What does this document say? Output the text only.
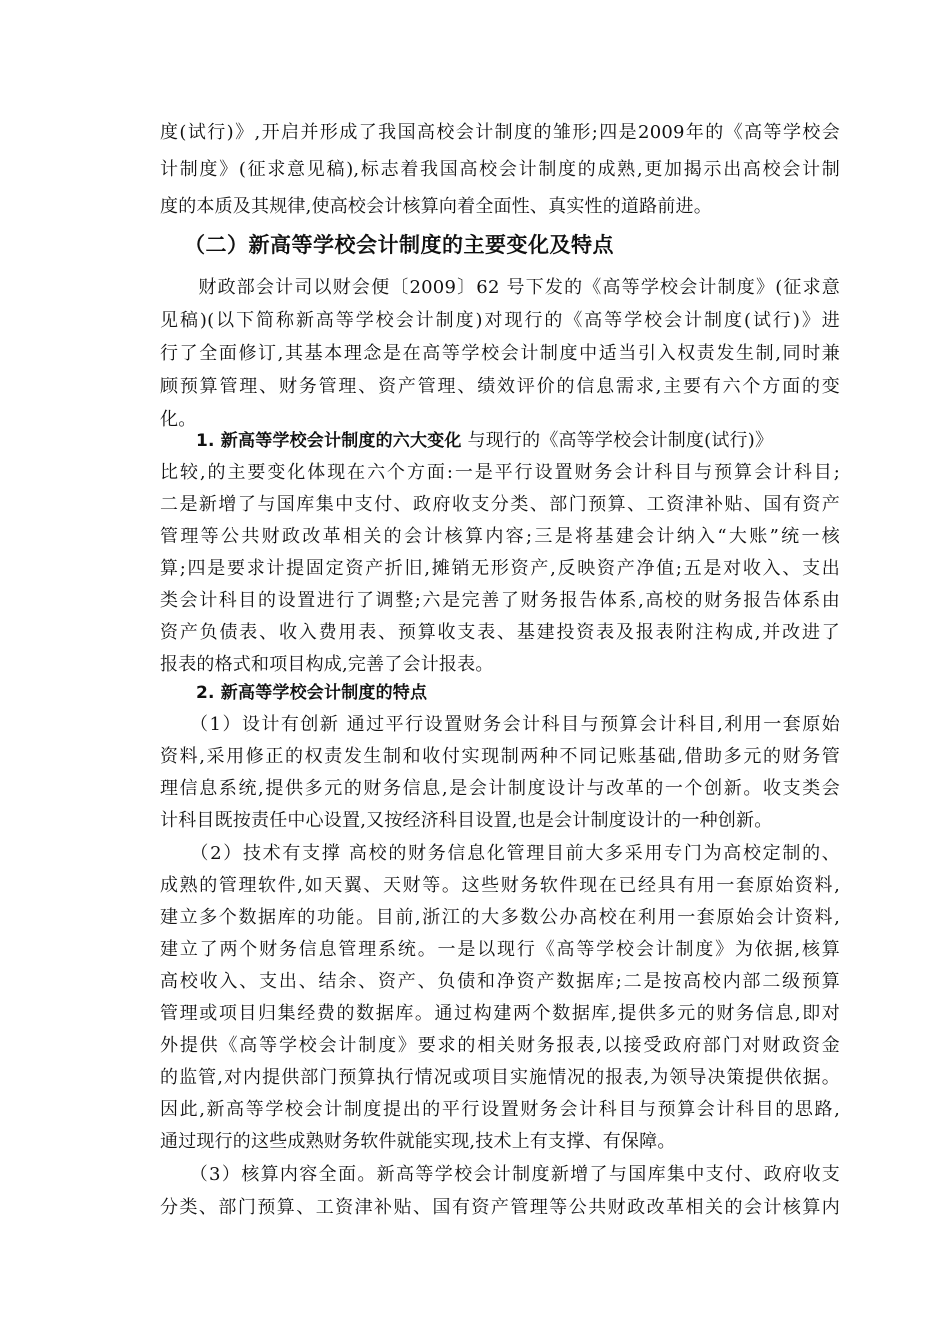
度(试行)》,开启并形成了我国高校会计制度的雏形;四是2009年的《高等学校会
计制度》(征求意见稿),标志着我国高校会计制度的成熟,更加揭示出高校会计制
度的本质及其规律,使高校会计核算向着全面性、真实性的道路前进。
（二）新高等学校会计制度的主要变化及特点
　　财政部会计司以财会便〔2009〕62 号下发的《高等学校会计制度》(征求意
见稿)(以下简称新高等学校会计制度)对现行的《高等学校会计制度(试行)》进
行了全面修订,其基本理念是在高等学校会计制度中适当引入权责发生制,同时兼
顾预算管理、财务管理、资产管理、绩效评价的信息需求,主要有六个方面的变
化。
1. 新高等学校会计制度的六大变化 与现行的《高等学校会计制度(试行)》
比较,的主要变化体现在六个方面:一是平行设置财务会计科目与预算会计科目;
二是新增了与国库集中支付、政府收支分类、部门预算、工资津补贴、国有资产
管理等公共财政改革相关的会计核算内容;三是将基建会计纳入“大账”统一核
算;四是要求计提固定资产折旧,摊销无形资产,反映资产净值;五是对收入、支出
类会计科目的设置进行了调整;六是完善了财务报告体系,高校的财务报告体系由
资产负债表、收入费用表、预算收支表、基建投资表及报表附注构成,并改进了
报表的格式和项目构成,完善了会计报表。
2. 新高等学校会计制度的特点
　　（1）设计有创新 通过平行设置财务会计科目与预算会计科目,利用一套原始
资料,采用修正的权责发生制和收付实现制两种不同记账基础,借助多元的财务管
理信息系统,提供多元的财务信息,是会计制度设计与改革的一个创新。收支类会
计科目既按责任中心设置,又按经济科目设置,也是会计制度设计的一种创新。
　　（2）技术有支撑 高校的财务信息化管理目前大多采用专门为高校定制的、
成熟的管理软件,如天翼、天财等。这些财务软件现在已经具有用一套原始资料,
建立多个数据库的功能。目前,浙江的大多数公办高校在利用一套原始会计资料,
建立了两个财务信息管理系统。一是以现行《高等学校会计制度》为依据,核算
高校收入、支出、结余、资产、负债和净资产数据库;二是按高校内部二级预算
管理或项目归集经费的数据库。通过构建两个数据库,提供多元的财务信息,即对
外提供《高等学校会计制度》要求的相关财务报表,以接受政府部门对财政资金
的监管,对内提供部门预算执行情况或项目实施情况的报表,为领导决策提供依据。
因此,新高等学校会计制度提出的平行设置财务会计科目与预算会计科目的思路,
通过现行的这些成熟财务软件就能实现,技术上有支撑、有保障。
　　（3）核算内容全面。新高等学校会计制度新增了与国库集中支付、政府收支
分类、部门预算、工资津补贴、国有资产管理等公共财政改革相关的会计核算内
